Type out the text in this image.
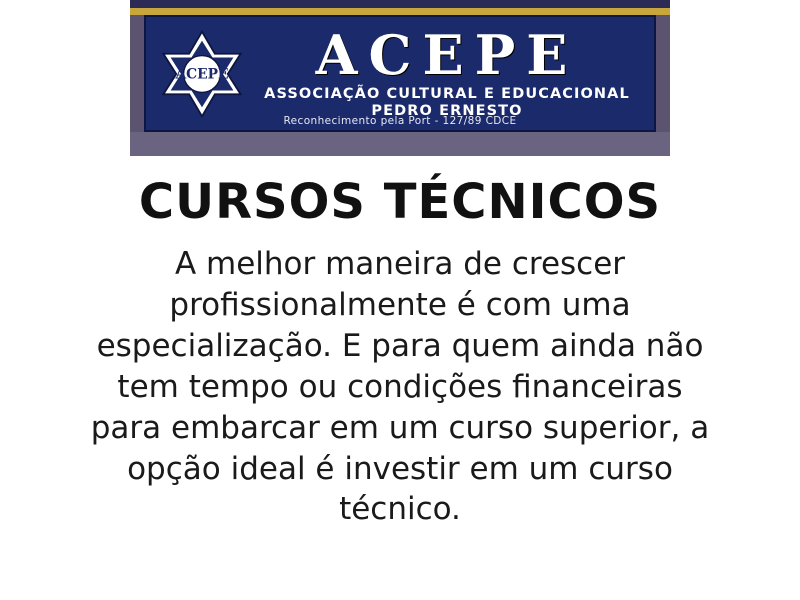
ACEPE	ACEPE
ASSOCIAÇÃO CULTURAL E EDUCACIONAL
PEDRO ERNESTO
Reconhecimento pela Port - 127/89 CDCE
CURSOS TÉCNICOS
A melhor maneira de crescer profissionalmente é com uma especialização. E para quem ainda não tem tempo ou condições financeiras para embarcar em um curso superior, a opção ideal é investir em um curso técnico.
